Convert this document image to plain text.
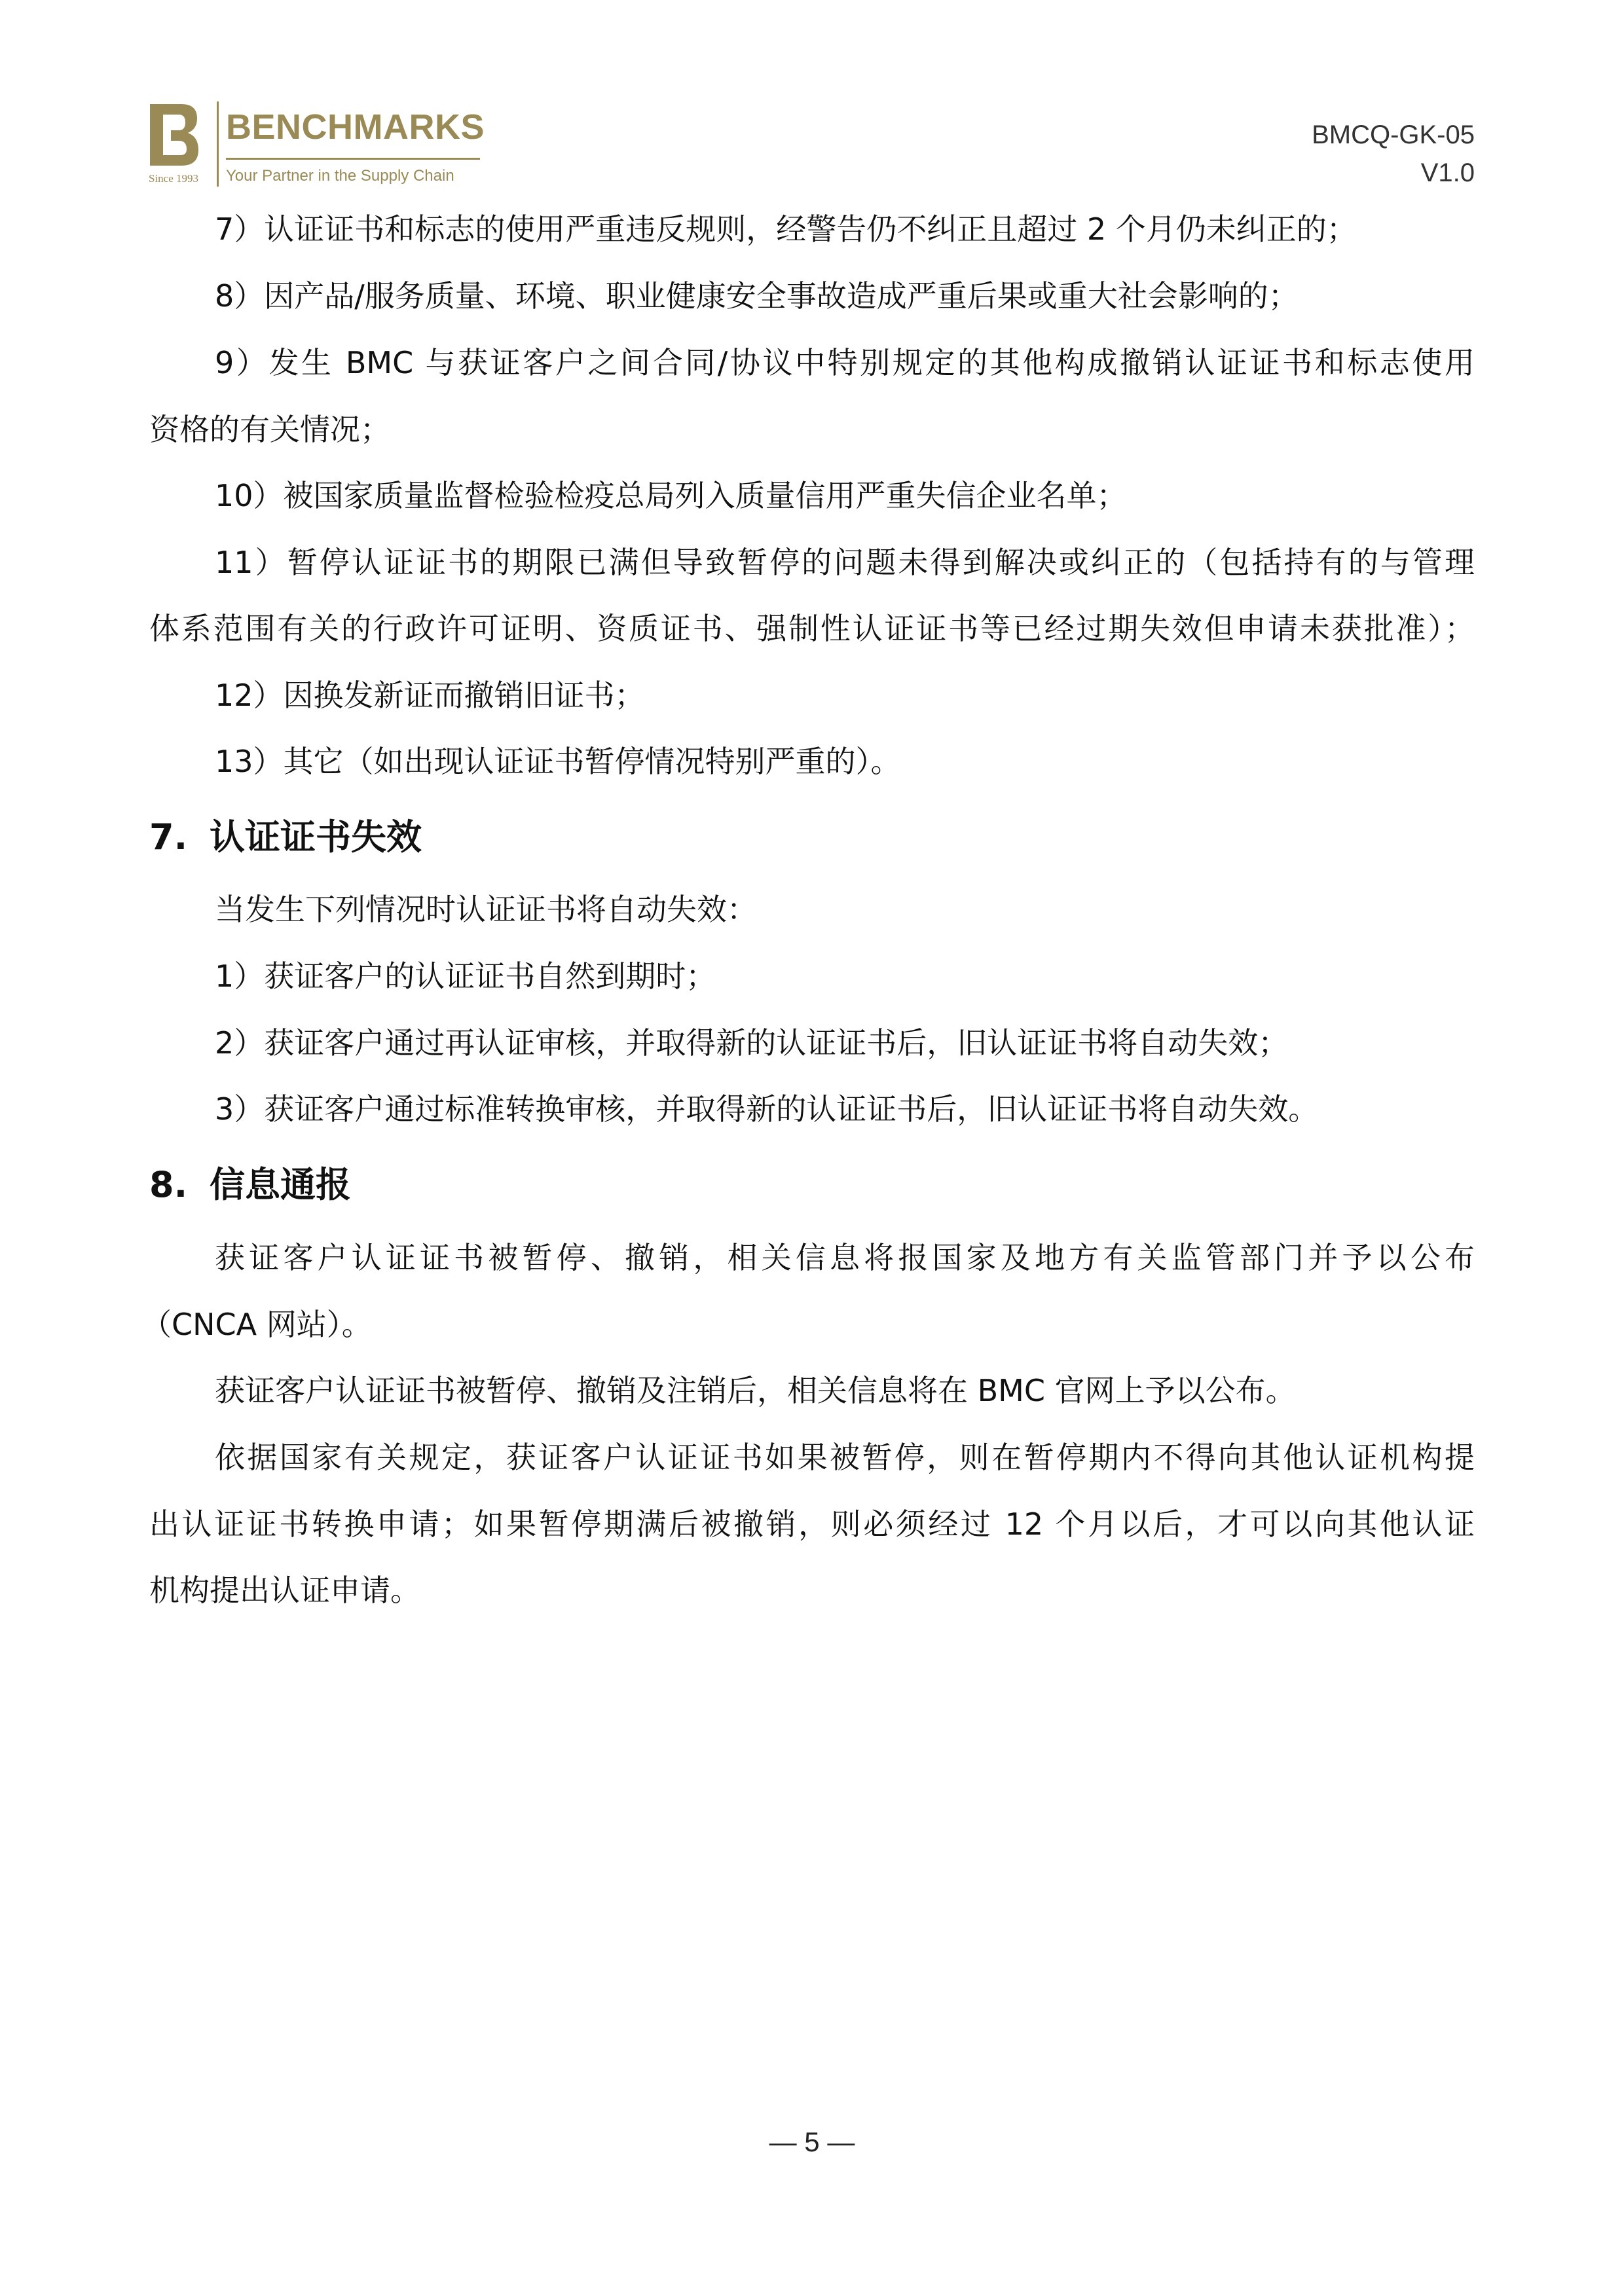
Since 1993
BENCHMARKS
Your Partner in the Supply Chain
BMCQ-GK-05
V1.0
7）认证证书和标志的使用严重违反规则，经警告仍不纠正且超过 2 个月仍未纠正的；
8）因产品/服务质量、环境、职业健康安全事故造成严重后果或重大社会影响的；
9）发生 BMC 与获证客户之间合同/协议中特别规定的其他构成撤销认证证书和标志使用
资格的有关情况；
10）被国家质量监督检验检疫总局列入质量信用严重失信企业名单；
11）暂停认证证书的期限已满但导致暂停的问题未得到解决或纠正的（包括持有的与管理
体系范围有关的行政许可证明、资质证书、强制性认证证书等已经过期失效但申请未获批准）；
12）因换发新证而撤销旧证书；
13）其它（如出现认证证书暂停情况特别严重的）。
7. 认证证书失效
当发生下列情况时认证证书将自动失效：
1）获证客户的认证证书自然到期时；
2）获证客户通过再认证审核，并取得新的认证证书后，旧认证证书将自动失效；
3）获证客户通过标准转换审核，并取得新的认证证书后，旧认证证书将自动失效。
8. 信息通报
获证客户认证证书被暂停、撤销，相关信息将报国家及地方有关监管部门并予以公布
（CNCA 网站）。
获证客户认证证书被暂停、撤销及注销后，相关信息将在 BMC 官网上予以公布。
依据国家有关规定，获证客户认证证书如果被暂停，则在暂停期内不得向其他认证机构提
出认证证书转换申请；如果暂停期满后被撤销，则必须经过 12 个月以后，才可以向其他认证
机构提出认证申请。
— 5 —
